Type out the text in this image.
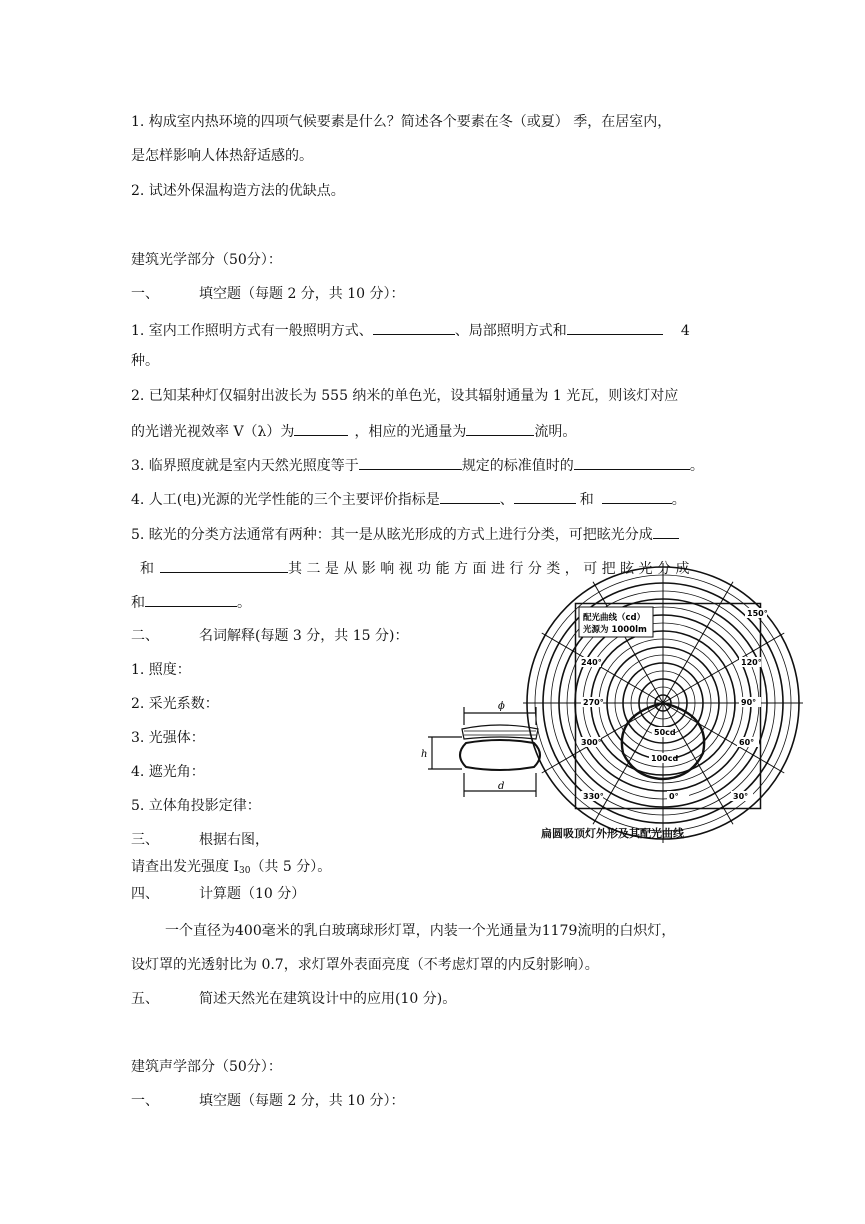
1. 构成室内热环境的四项气候要素是什么？简述各个要素在冬（或夏） 季，在居室内，
是怎样影响人体热舒适感的。
2. 试述外保温构造方法的优缺点。
建筑光学部分（50分）：
一、	填空题（每题 2 分，共 10 分）：
1. 室内工作照明方式有一般照明方式、	、局部照明方式和	4
种。
2. 已知某种灯仅辐射出波长为 555 纳米的单色光，设其辐射通量为 1 光瓦，则该灯对应
的光谱光视效率 V（λ）为	，相应的光通量为	流明。
3. 临界照度就是室内天然光照度等于	规定的标准值时的	。
4. 人工(电)光源的光学性能的三个主要评价指标是	、	和	。
5. 眩光的分类方法通常有两种：其一是从眩光形成的方式上进行分类，可把眩光分成
和	其 二 是 从 影 响 视 功 能 方 面 进 行 分 类 ， 可 把 眩 光 分 成
和	。
二、	名词解释(每题 3 分，共 15 分)：
1. 照度：
2. 采光系数：
3. 光强体：
4. 遮光角：
5. 立体角投影定律：
三、	根据右图，
请查出发光强度 $I_{30}$（共 5 分）。
四、	计算题（10 分）
一个直径为400毫米的乳白玻璃球形灯罩，内装一个光通量为1179流明的白炽灯，
设灯罩的光透射比为 0.7，求灯罩外表面亮度（不考虑灯罩的内反射影响）。
五、	简述天然光在建筑设计中的应用(10 分)。
建筑声学部分（50分）：
一、	填空题（每题 2 分，共 10 分）：
ϕ
h
d
配光曲线（cd）
光源为 1000lm
150°
120°
90°
60°
30°
0°
330°
300°
270°
240°
50cd
100cd
扁圆吸顶灯外形及其配光曲线
